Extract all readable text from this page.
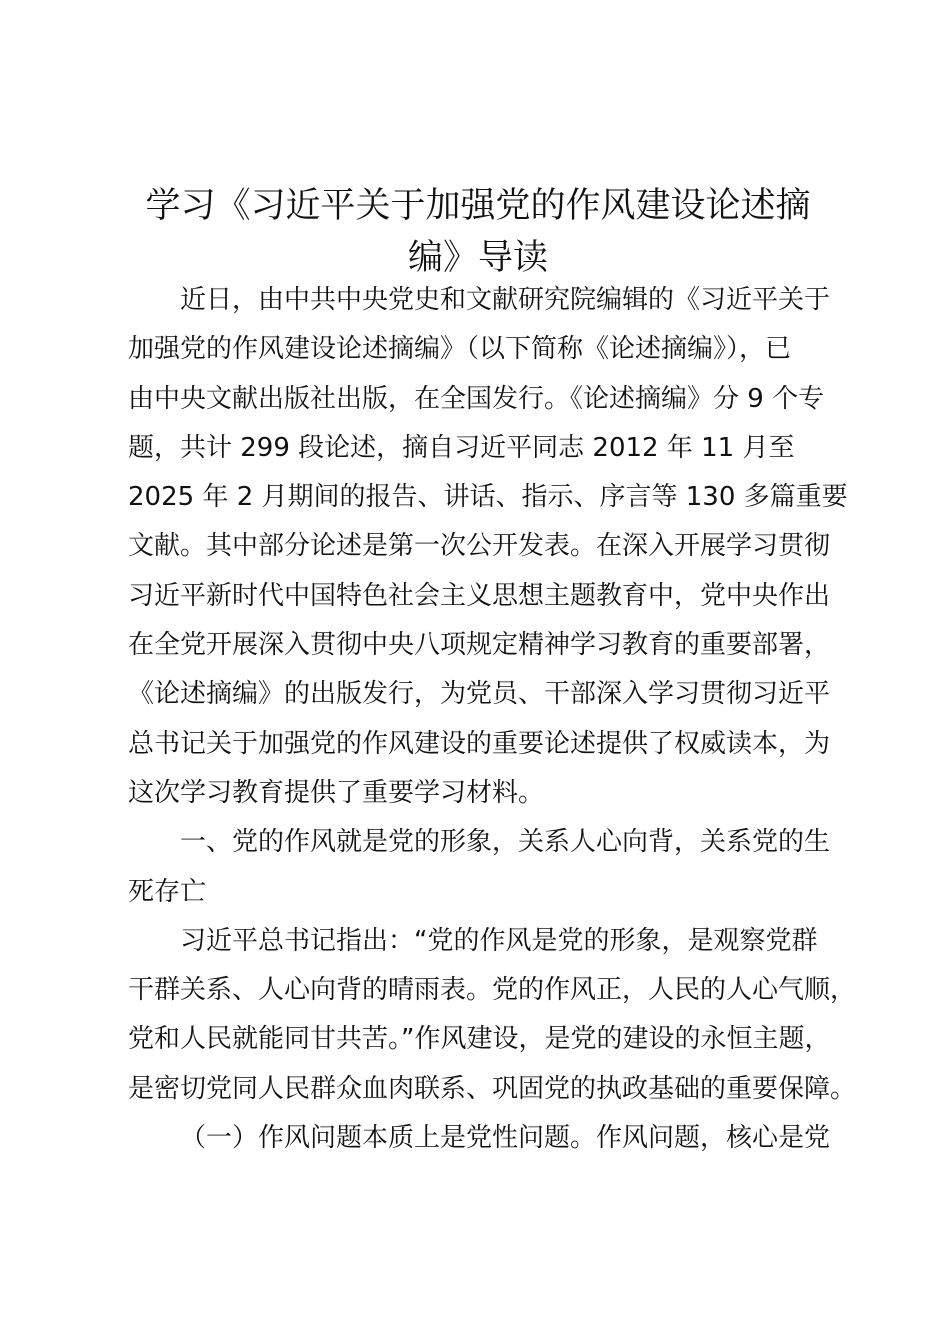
学习《习近平关于加强党的作风建设论述摘
编》导读
近日，由中共中央党史和文献研究院编辑的《习近平关于
加强党的作风建设论述摘编》（以下简称《论述摘编》），已
由中央文献出版社出版，在全国发行。《论述摘编》分 9 个专
题，共计 299 段论述，摘自习近平同志 2012 年 11 月至
2025 年 2 月期间的报告、讲话、指示、序言等 130 多篇重要
文献。其中部分论述是第一次公开发表。在深入开展学习贯彻
习近平新时代中国特色社会主义思想主题教育中，党中央作出
在全党开展深入贯彻中央八项规定精神学习教育的重要部署，
《论述摘编》的出版发行，为党员、干部深入学习贯彻习近平
总书记关于加强党的作风建设的重要论述提供了权威读本，为
这次学习教育提供了重要学习材料。
一、党的作风就是党的形象，关系人心向背，关系党的生
死存亡
习近平总书记指出：“党的作风是党的形象，是观察党群
干群关系、人心向背的晴雨表。党的作风正，人民的人心气顺，
党和人民就能同甘共苦。”作风建设，是党的建设的永恒主题，
是密切党同人民群众血肉联系、巩固党的执政基础的重要保障。
（一）作风问题本质上是党性问题。作风问题，核心是党
